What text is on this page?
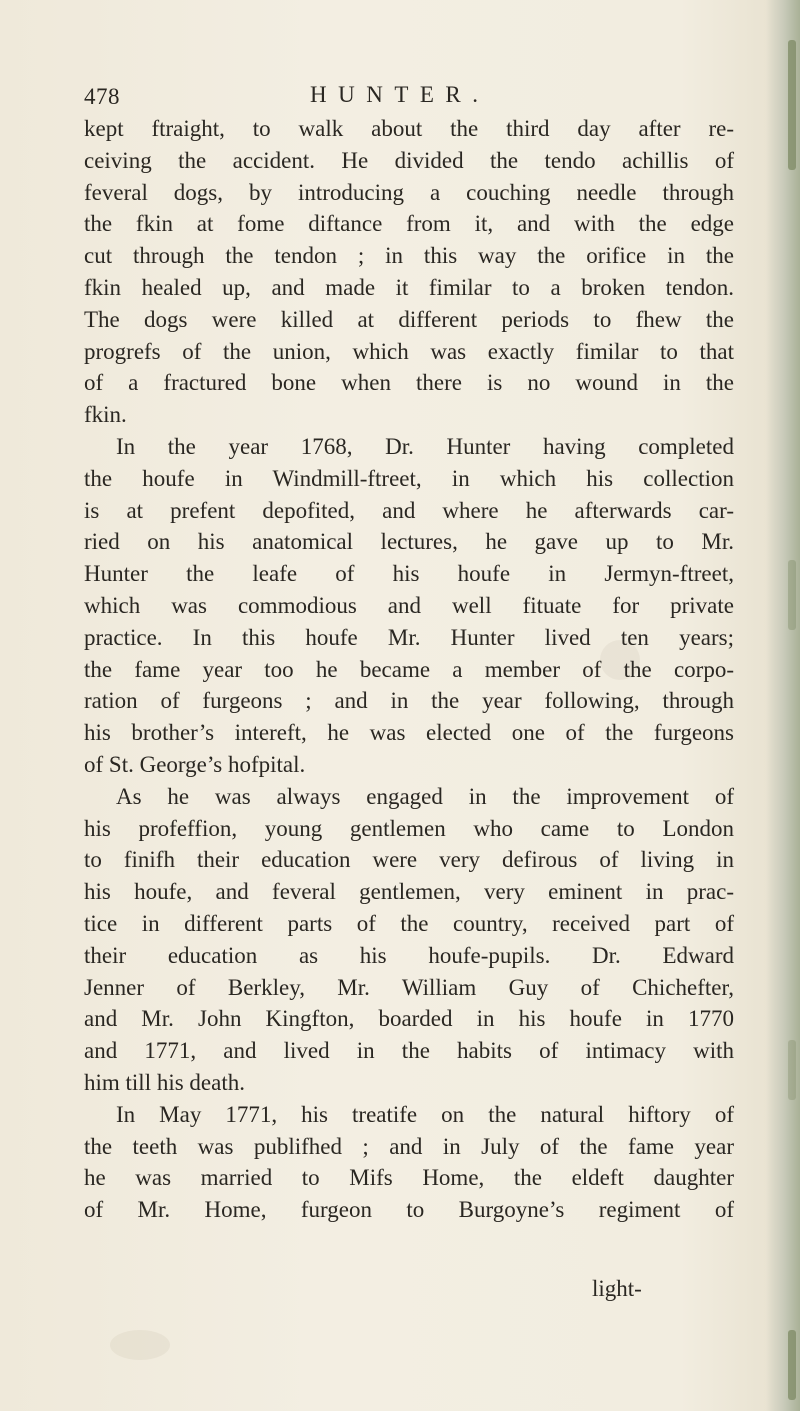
478	HUNTER.
kept ftraight, to walk about the third day after re-
ceiving the accident. He divided the tendo achillis of
feveral dogs, by introducing a couching needle through
the fkin at fome diftance from it, and with the edge
cut through the tendon ; in this way the orifice in the
fkin healed up, and made it fimilar to a broken tendon.
The dogs were killed at different periods to fhew the
progrefs of the union, which was exactly fimilar to that
of a fractured bone when there is no wound in the
fkin.
In the year 1768, Dr. Hunter having completed
the houfe in Windmill-ftreet, in which his collection
is at prefent depofited, and where he afterwards car-
ried on his anatomical lectures, he gave up to Mr.
Hunter the leafe of his houfe in Jermyn-ftreet,
which was commodious and well fituate for private
practice. In this houfe Mr. Hunter lived ten years;
the fame year too he became a member of the corpo-
ration of furgeons ; and in the year following, through
his brother’s intereft, he was elected one of the furgeons
of St. George’s hofpital.
As he was always engaged in the improvement of
his profeffion, young gentlemen who came to London
to finifh their education were very defirous of living in
his houfe, and feveral gentlemen, very eminent in prac-
tice in different parts of the country, received part of
their education as his houfe-pupils. Dr. Edward
Jenner of Berkley, Mr. William Guy of Chichefter,
and Mr. John Kingfton, boarded in his houfe in 1770
and 1771, and lived in the habits of intimacy with
him till his death.
In May 1771, his treatife on the natural hiftory of
the teeth was publifhed ; and in July of the fame year
he was married to Mifs Home, the eldeft daughter
of Mr. Home, furgeon to Burgoyne’s regiment of
light-
